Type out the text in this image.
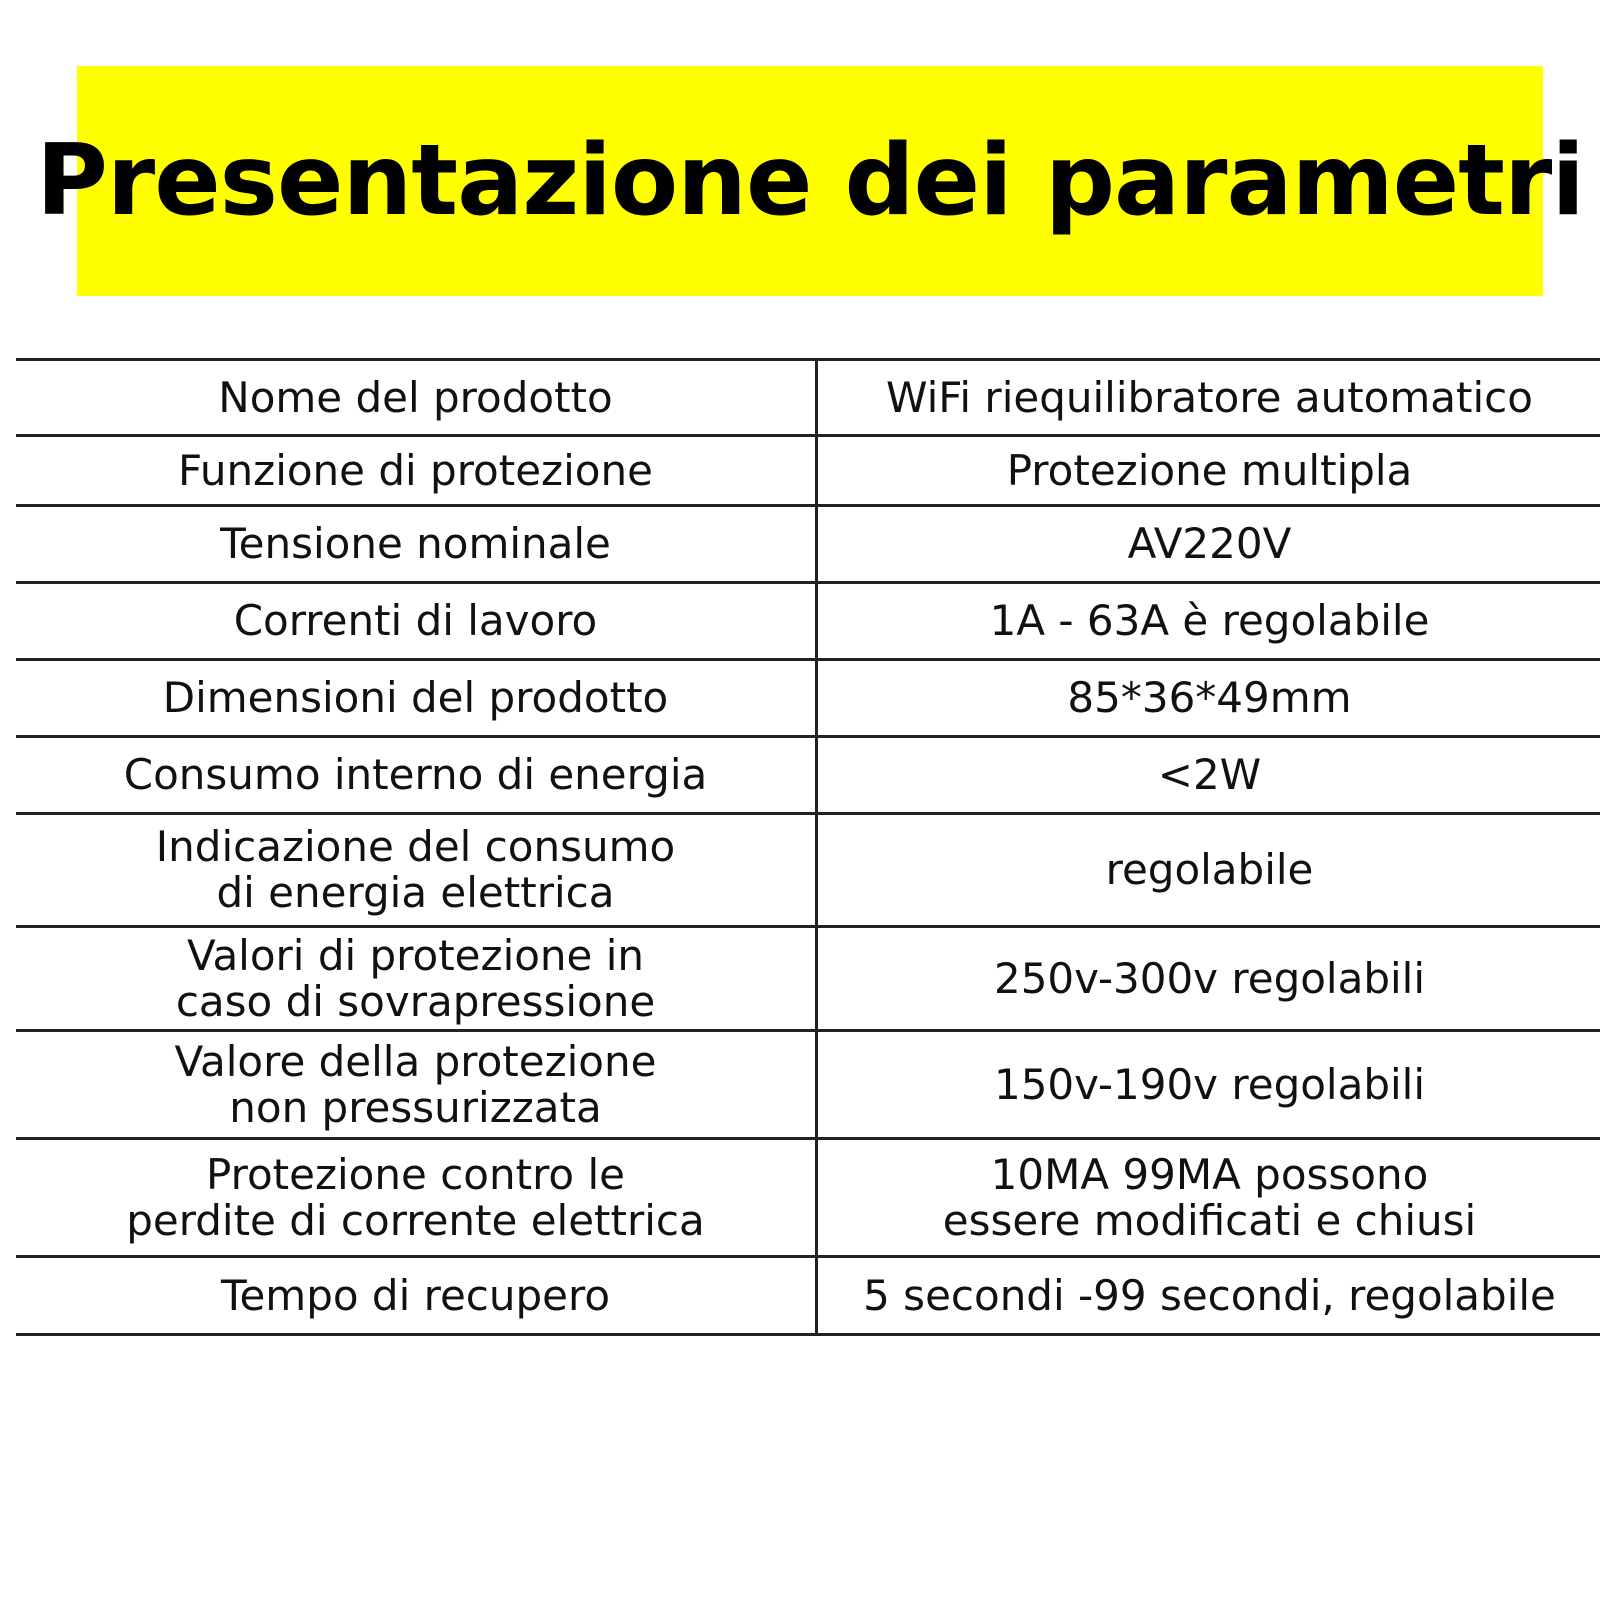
Presentazione dei parametri
Nome del prodotto	WiFi riequilibratore automatico
Funzione di protezione	Protezione multipla
Tensione nominale	AV220V
Correnti di lavoro	1A - 63A è regolabile
Dimensioni del prodotto	85*36*49mm
Consumo interno di energia	<2W
Indicazione del consumo
di energia elettrica	regolabile
Valori di protezione in
caso di sovrapressione	250v-300v regolabili
Valore della protezione
non pressurizzata	150v-190v regolabili
Protezione contro le
perdite di corrente elettrica	10MA 99MA possono
essere modificati e chiusi
Tempo di recupero	5 secondi -99 secondi, regolabile
